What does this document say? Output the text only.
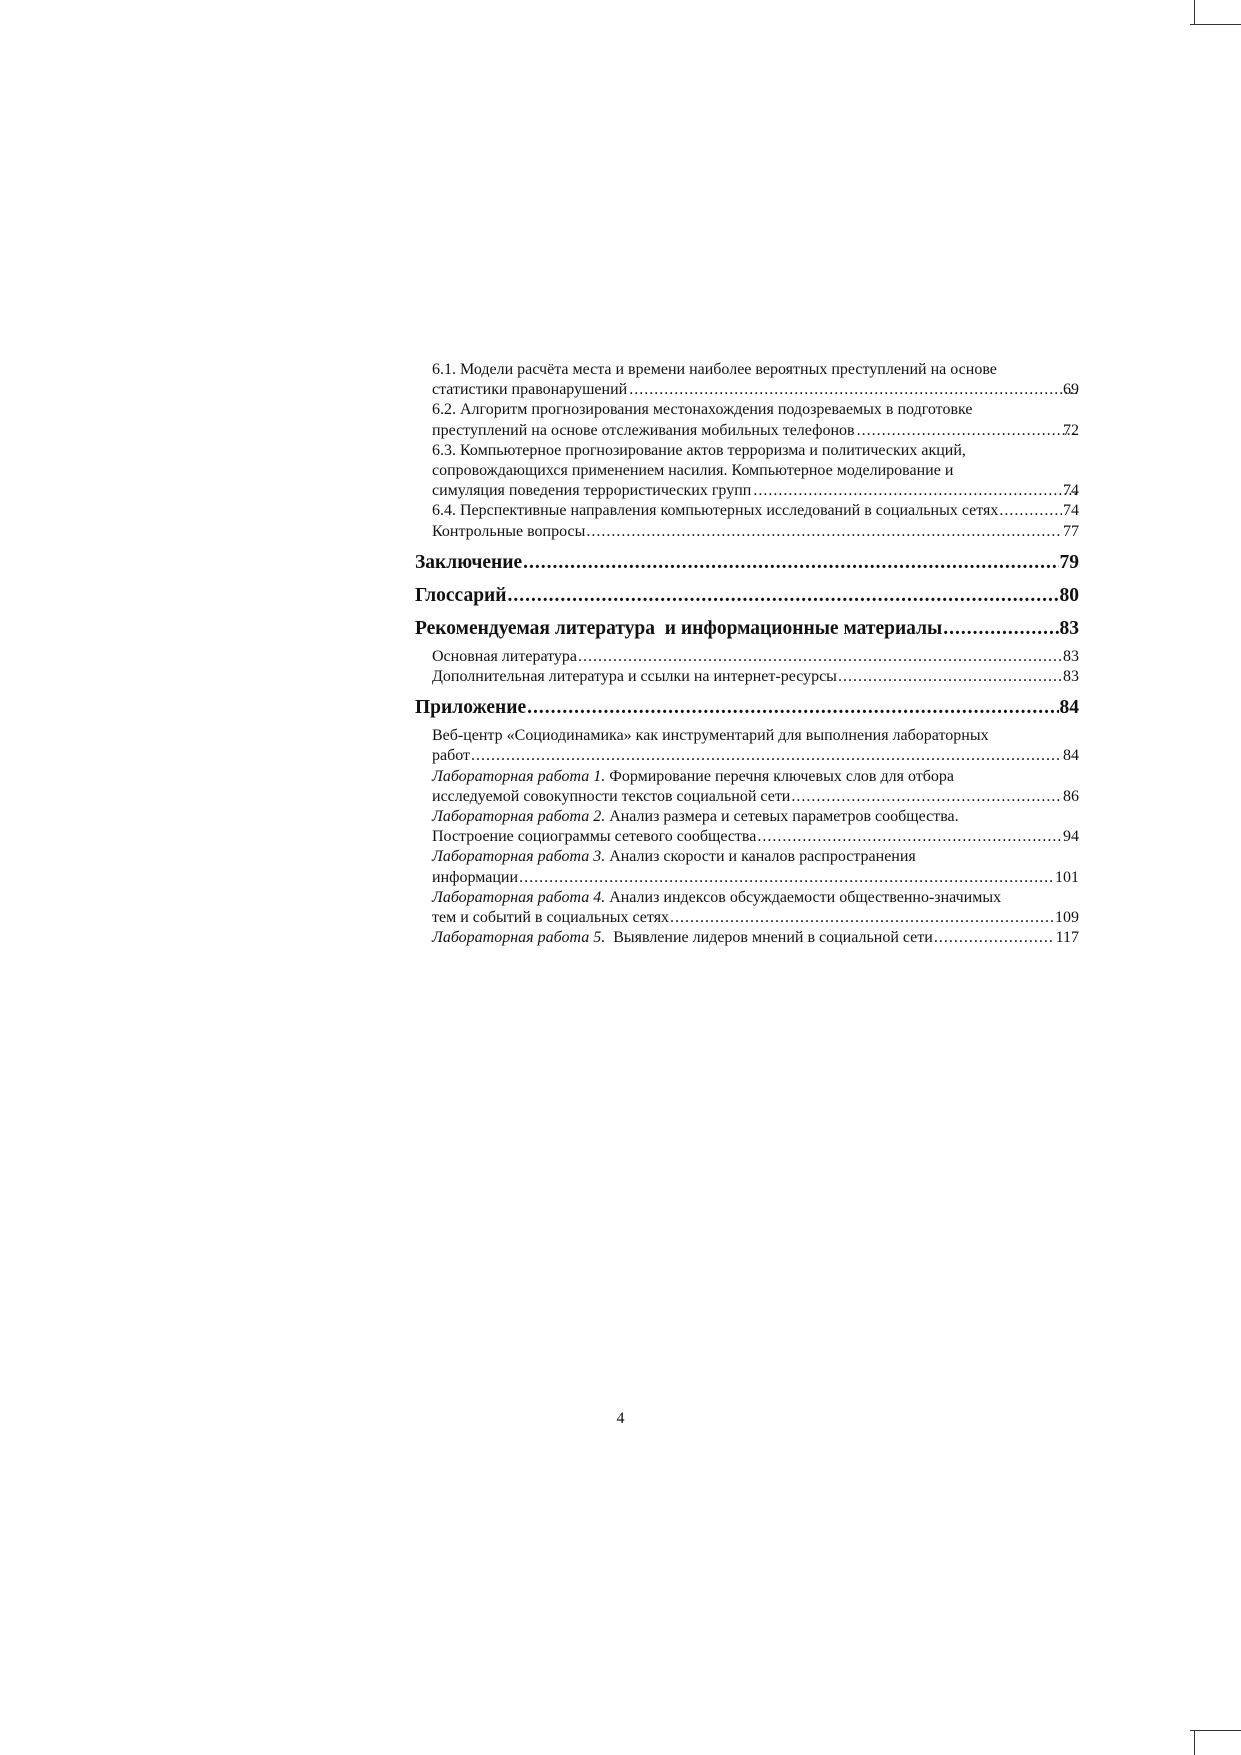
6.1. Модели расчёта места и времени наиболее вероятных преступлений на основе
статистики правонарушений .....	69
6.2. Алгоритм прогнозирования местонахождения подозреваемых в подготовке
преступлений на основе отслеживания мобильных телефонов .....	72
6.3. Компьютерное прогнозирование актов терроризма и политических акций,
сопровождающихся применением насилия. Компьютерное моделирование и
симуляция поведения террористических групп .....	74
6.4. Перспективные направления компьютерных исследований в социальных сетях .....	74
Контрольные вопросы .....	77
Заключение .....	79
Глоссарий .....	80
Рекомендуемая литература  и информационные материалы .....	83
Основная литература .....	83
Дополнительная литература и ссылки на интернет-ресурсы .....	83
Приложение .....	84
Веб-центр «Социодинамика» как инструментарий для выполнения лабораторных
работ .....	84
Лабораторная работа 1. Формирование перечня ключевых слов для отбора
исследуемой совокупности текстов социальной сети .....	86
Лабораторная работа 2. Анализ размера и сетевых параметров сообщества.
Построение социограммы сетевого сообщества .....	94
Лабораторная работа 3. Анализ скорости и каналов распространения
информации .....	101
Лабораторная работа 4. Анализ индексов обсуждаемости общественно-значимых
тем и событий в социальных сетях .....	109
Лабораторная работа 5.  Выявление лидеров мнений в социальной сети .....	117
4
